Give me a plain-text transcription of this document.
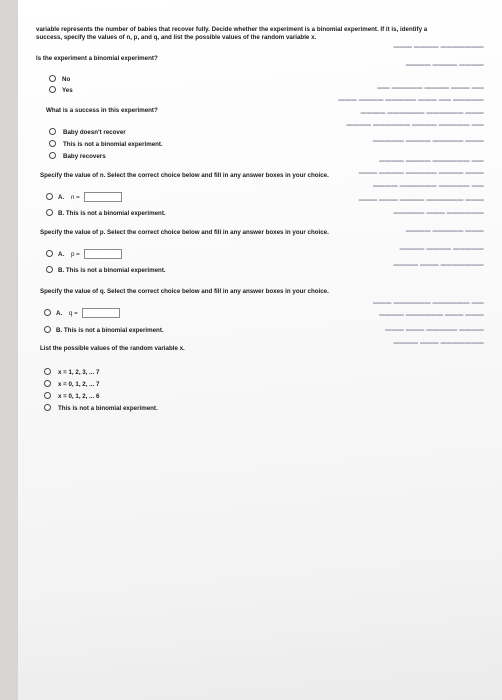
▬▬▬ ▬▬▬▬ ▬▬▬▬▬▬▬
▬▬▬▬ ▬▬▬▬ ▬▬▬▬
▬▬ ▬▬▬▬▬ ▬▬▬▬ ▬▬▬ ▬▬
▬▬▬ ▬▬▬▬ ▬▬▬▬▬ ▬▬▬ ▬▬ ▬▬▬▬▬
▬▬▬▬ ▬▬▬▬▬▬ ▬▬▬▬▬▬ ▬▬▬
▬▬▬▬ ▬▬▬▬▬▬ ▬▬▬▬ ▬▬▬▬▬ ▬▬
▬▬▬▬▬ ▬▬▬▬ ▬▬▬▬▬ ▬▬▬
▬▬▬▬ ▬▬▬▬ ▬▬▬▬▬▬ ▬▬
▬▬▬ ▬▬▬▬ ▬▬▬▬▬ ▬▬▬▬ ▬▬▬
▬▬▬▬ ▬▬▬▬▬▬ ▬▬▬▬▬ ▬▬
▬▬▬ ▬▬▬ ▬▬▬▬ ▬▬▬▬▬▬ ▬▬▬
▬▬▬▬▬ ▬▬▬ ▬▬▬▬▬▬
▬▬▬▬ ▬▬▬▬▬ ▬▬▬
▬▬▬▬ ▬▬▬▬ ▬▬▬▬▬
▬▬▬▬ ▬▬▬ ▬▬▬▬▬▬▬
▬▬▬ ▬▬▬▬▬▬ ▬▬▬▬▬▬ ▬▬
▬▬▬▬ ▬▬▬▬▬▬ ▬▬▬ ▬▬▬
▬▬▬ ▬▬▬ ▬▬▬▬▬ ▬▬▬▬
▬▬▬▬ ▬▬▬ ▬▬▬▬▬▬▬
variable represents the number of babies that recover fully. Decide whether the experiment is a binomial experiment. If it is, identify a
success, specify the values of n, p, and q, and list the possible values of the random variable x.
Is the experiment a binomial experiment?
No
Yes
What is a success in this experiment?
Baby doesn't recover
This is not a binomial experiment.
Baby recovers
Specify the value of n. Select the correct choice below and fill in any answer boxes in your choice.
A. n =
B. This is not a binomial experiment.
Specify the value of p. Select the correct choice below and fill in any answer boxes in your choice.
A. p =
B. This is not a binomial experiment.
Specify the value of q. Select the correct choice below and fill in any answer boxes in your choice.
A. q =
B. This is not a binomial experiment.
List the possible values of the random variable x.
x = 1, 2, 3, ... 7
x = 0, 1, 2, ... 7
x = 0, 1, 2, ... 6
This is not a binomial experiment.
